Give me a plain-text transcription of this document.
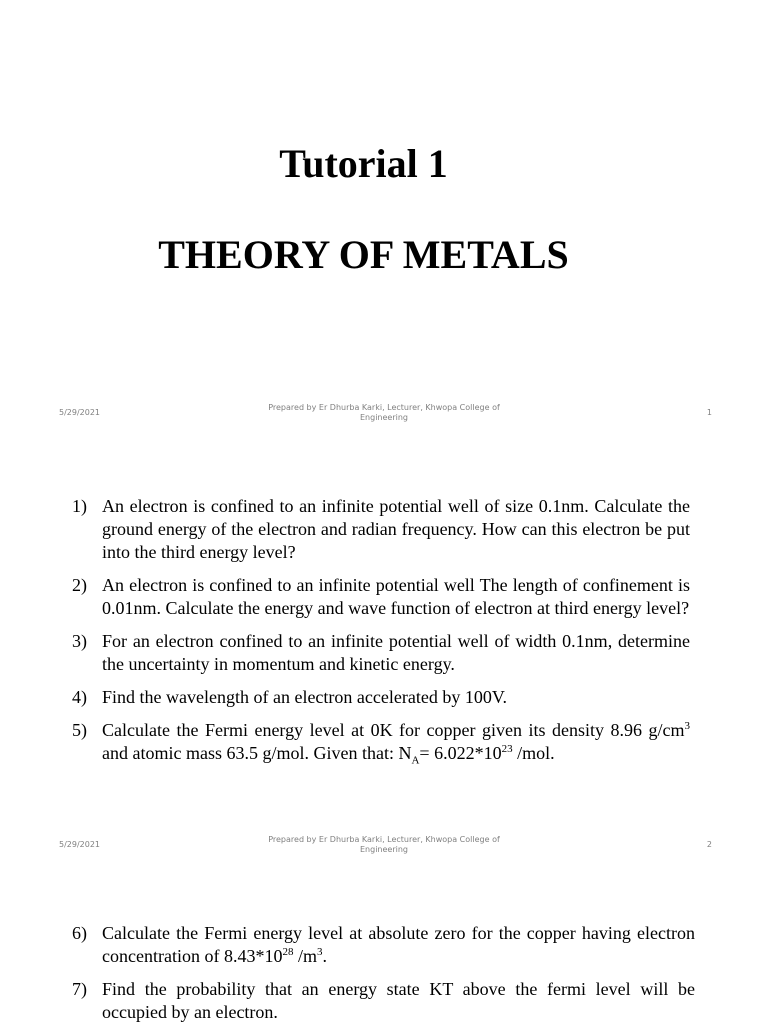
Tutorial 1
THEORY OF METALS
5/29/2021
Prepared by Er Dhurba Karki, Lecturer, Khwopa College of
Engineering
1
1) An electron is confined to an infinite potential well of size 0.1nm. Calculate the ground energy of the electron and radian frequency. How can this electron be put into the third energy level?
2) An electron is confined to an infinite potential well The length of confinement is 0.01nm. Calculate the energy and wave function of electron at third energy level?
3) For an electron confined to an infinite potential well of width 0.1nm, determine the uncertainty in momentum and kinetic energy.
4) Find the wavelength of an electron accelerated by 100V.
5) Calculate the Fermi energy level at 0K for copper given its density 8.96 $g/cm^3$ and atomic mass 63.5 g/mol. Given that: $N_A= 6.022*10^{23}$ /mol.
5/29/2021
Prepared by Er Dhurba Karki, Lecturer, Khwopa College of
Engineering
2
6) Calculate the Fermi energy level at absolute zero for the copper having electron concentration of $8.43*10^{28}$ $/m^3$.
7) Find the probability that an energy state KT above the fermi level will be occupied by an electron.
